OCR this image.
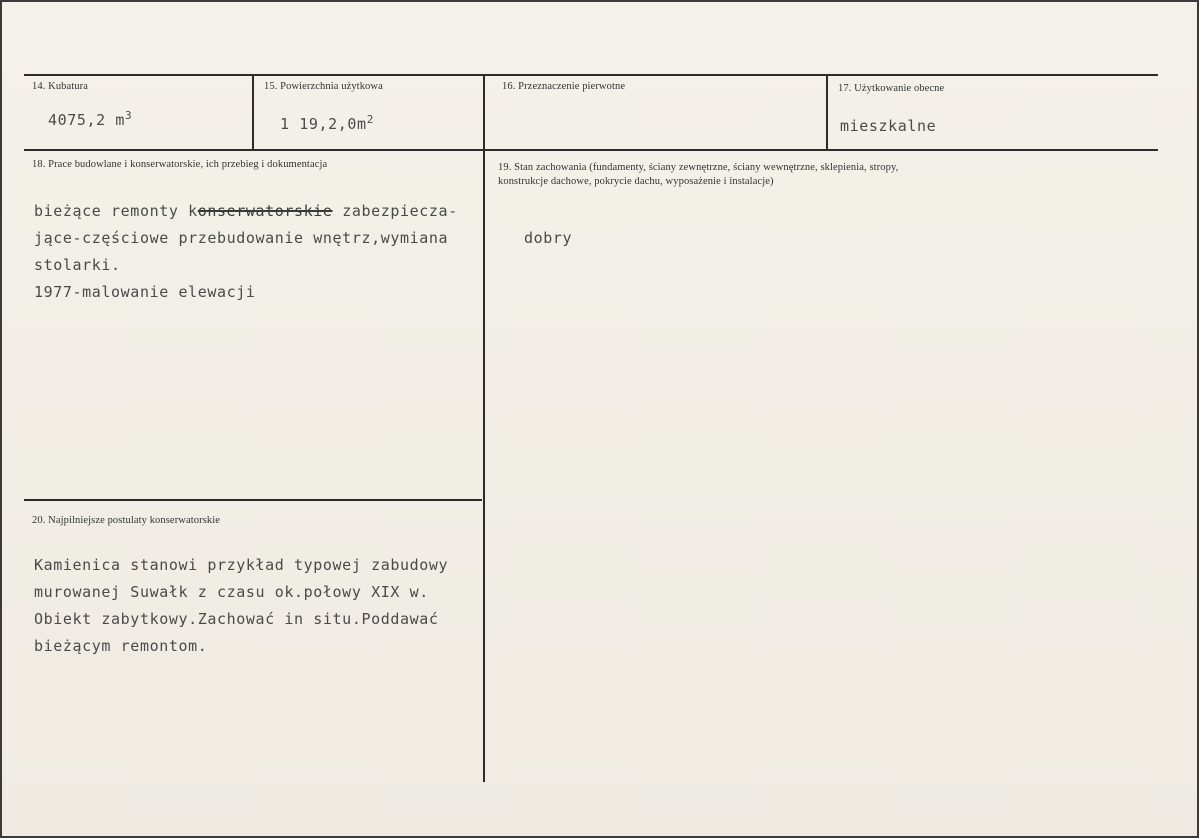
14. Kubatura
4075,2 $m^3$
15. Powierzchnia użytkowa
1 $19,2,0m^2$
16. Przeznaczenie pierwotne	17. Użytkowanie obecne
mieszkalne
18. Prace budowlane i konserwatorskie, ich przebieg i dokumentacja
bieżące remonty konserwatorskie zabezpiecza-
jące-częściowe przebudowanie wnętrz,wymiana
stolarki.
1977-malowanie elewacji
19. Stan zachowania (fundamenty, ściany zewnętrzne, ściany wewnętrzne, sklepienia, stropy,
konstrukcje dachowe, pokrycie dachu, wyposażenie i instalacje)
dobry
20. Najpilniejsze postulaty konserwatorskie
Kamienica stanowi przykład typowej zabudowy
murowanej Suwałk z czasu ok.połowy XIX w.
Obiekt zabytkowy.Zachować in situ.Poddawać
bieżącym remontom.
